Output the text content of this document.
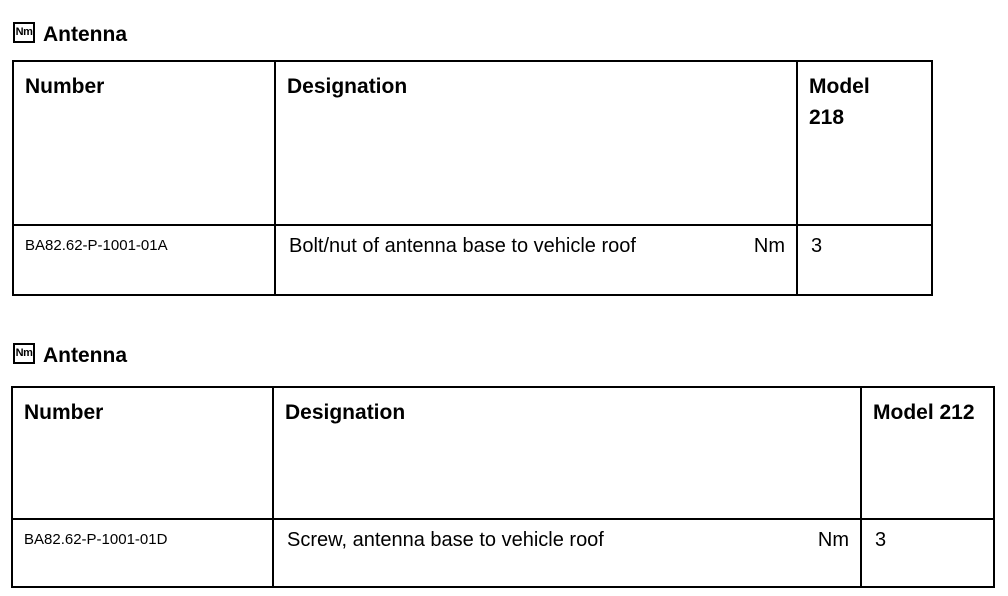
Nm Antenna
Number	Designation	Model 218
BA82.62-P-1001-01A	Bolt/nut of antenna base to vehicle roof Nm	3
Nm Antenna
Number	Designation	Model 212
BA82.62-P-1001-01D	Screw, antenna base to vehicle roof Nm	3
